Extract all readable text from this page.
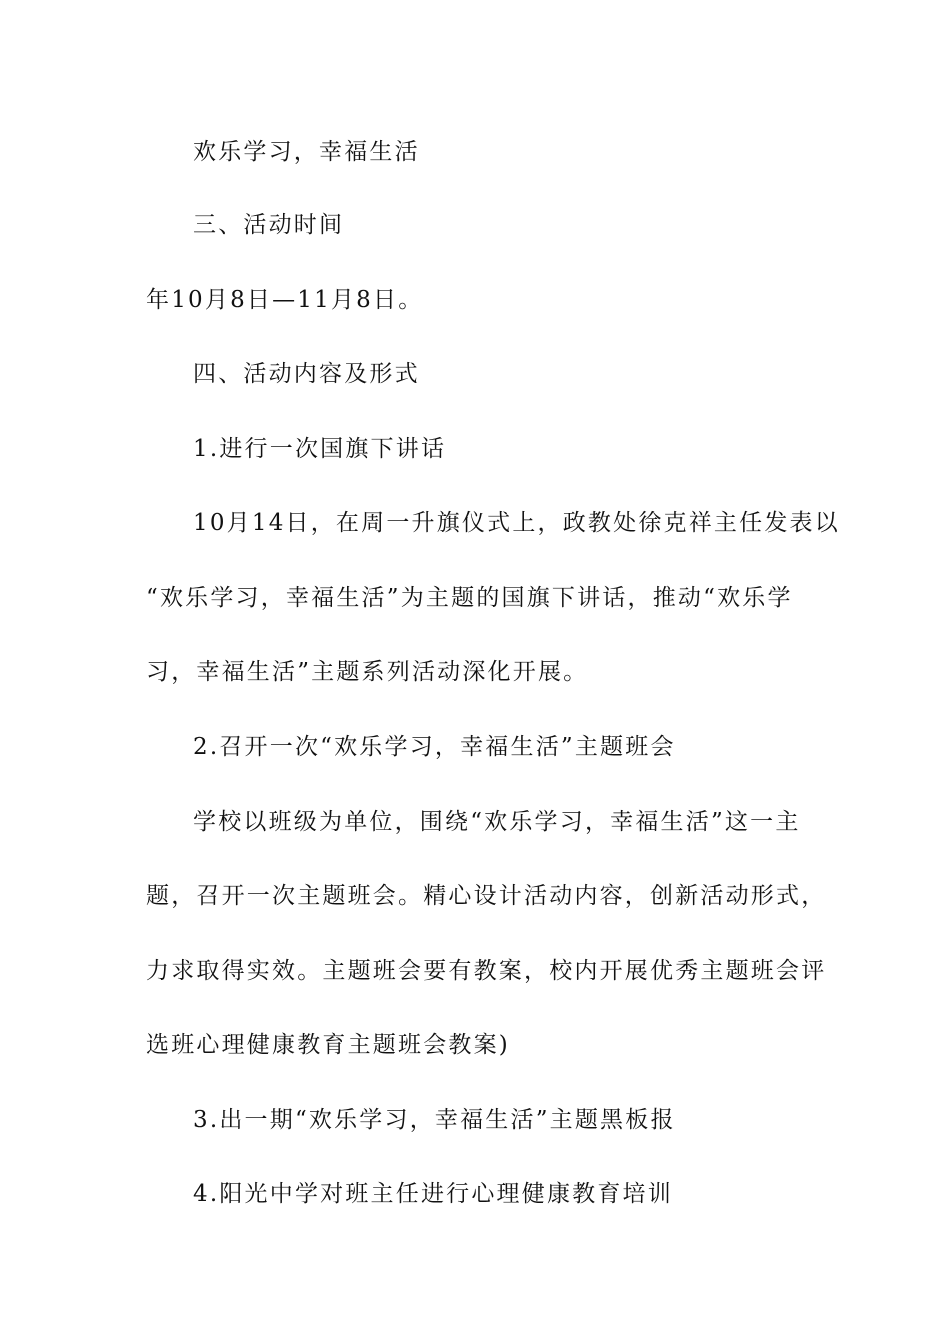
欢乐学习，幸福生活
三、活动时间
年10月8日—11月8日。
四、活动内容及形式
1.进行一次国旗下讲话
10月14日，在周一升旗仪式上，政教处徐克祥主任发表以
“欢乐学习，幸福生活”为主题的国旗下讲话，推动“欢乐学
习，幸福生活”主题系列活动深化开展。
2.召开一次“欢乐学习，幸福生活”主题班会
学校以班级为单位，围绕“欢乐学习，幸福生活”这一主
题，召开一次主题班会。精心设计活动内容，创新活动形式，
力求取得实效。主题班会要有教案，校内开展优秀主题班会评
选班心理健康教育主题班会教案)
3.出一期“欢乐学习，幸福生活”主题黑板报
4.阳光中学对班主任进行心理健康教育培训
